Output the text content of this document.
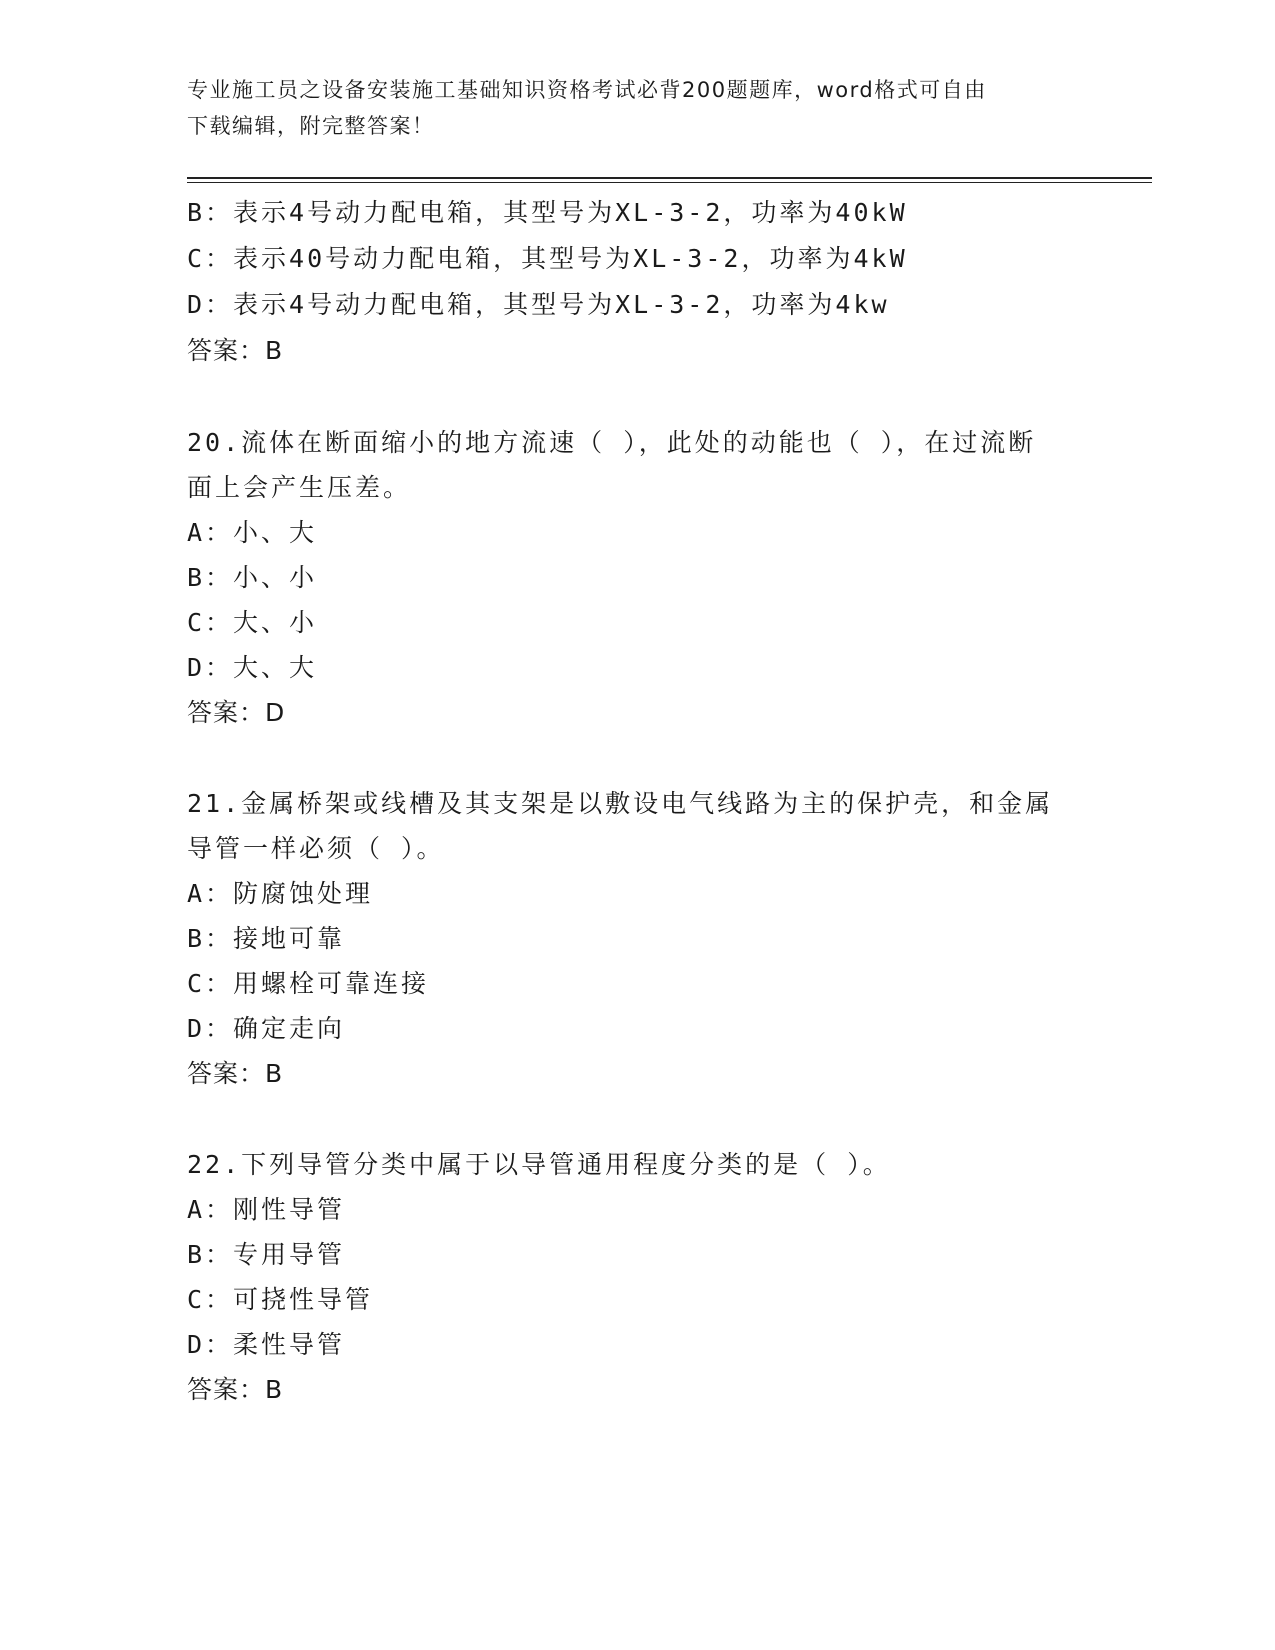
专业施工员之设备安装施工基础知识资格考试必背200题题库，word格式可自由
下载编辑，附完整答案！
B：表示4号动力配电箱，其型号为XL-3-2，功率为40kW
C：表示40号动力配电箱，其型号为XL-3-2，功率为4kW
D：表示4号动力配电箱，其型号为XL-3-2，功率为4kw
答案：B
20.流体在断面缩小的地方流速（ ），此处的动能也（ ），在过流断
面上会产生压差。
A：小、大
B：小、小
C：大、小
D：大、大
答案：D
21.金属桥架或线槽及其支架是以敷设电气线路为主的保护壳，和金属
导管一样必须（ ）。
A：防腐蚀处理
B：接地可靠
C：用螺栓可靠连接
D：确定走向
答案：B
22.下列导管分类中属于以导管通用程度分类的是（ ）。
A：刚性导管
B：专用导管
C：可挠性导管
D：柔性导管
答案：B
